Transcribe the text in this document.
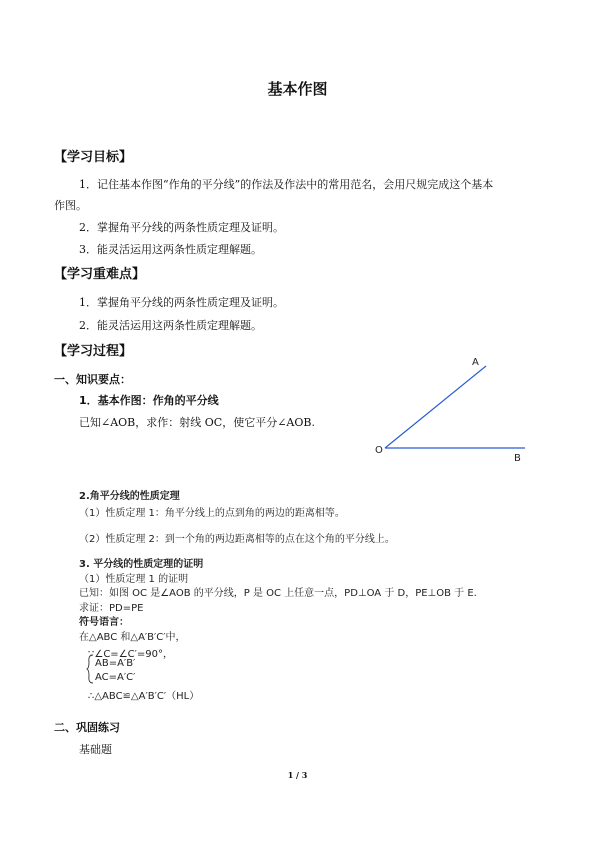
基本作图
【学习目标】
1．记住基本作图“作角的平分线”的作法及作法中的常用范名，会用尺规完成这个基本
作图。
2．掌握角平分线的两条性质定理及证明。
3．能灵活运用这两条性质定理解题。
【学习重难点】
1．掌握角平分线的两条性质定理及证明。
2．能灵活运用这两条性质定理解题。
【学习过程】
一、知识要点：
1．基本作图：作角的平分线
已知∠AOB，求作：射线 OC，使它平分∠AOB.
A
O
B
2.角平分线的性质定理
（1）性质定理 1：角平分线上的点到角的两边的距离相等。
（2）性质定理 2：到一个角的两边距离相等的点在这个角的平分线上。
3. 平分线的性质定理的证明
（1）性质定理 1 的证明
已知：如图 OC 是∠AOB 的平分线，P 是 OC 上任意一点，PD⊥OA 于 D，PE⊥OB 于 E.
求证：PD=PE
符号语言：
在△ABC 和△A′B′C′中，
∵∠C=∠C′=90°，
AB=A′B′
AC=A′C′
∴△ABC≌△A′B′C′（HL）
二、巩固练习
基础题
1 / 3
